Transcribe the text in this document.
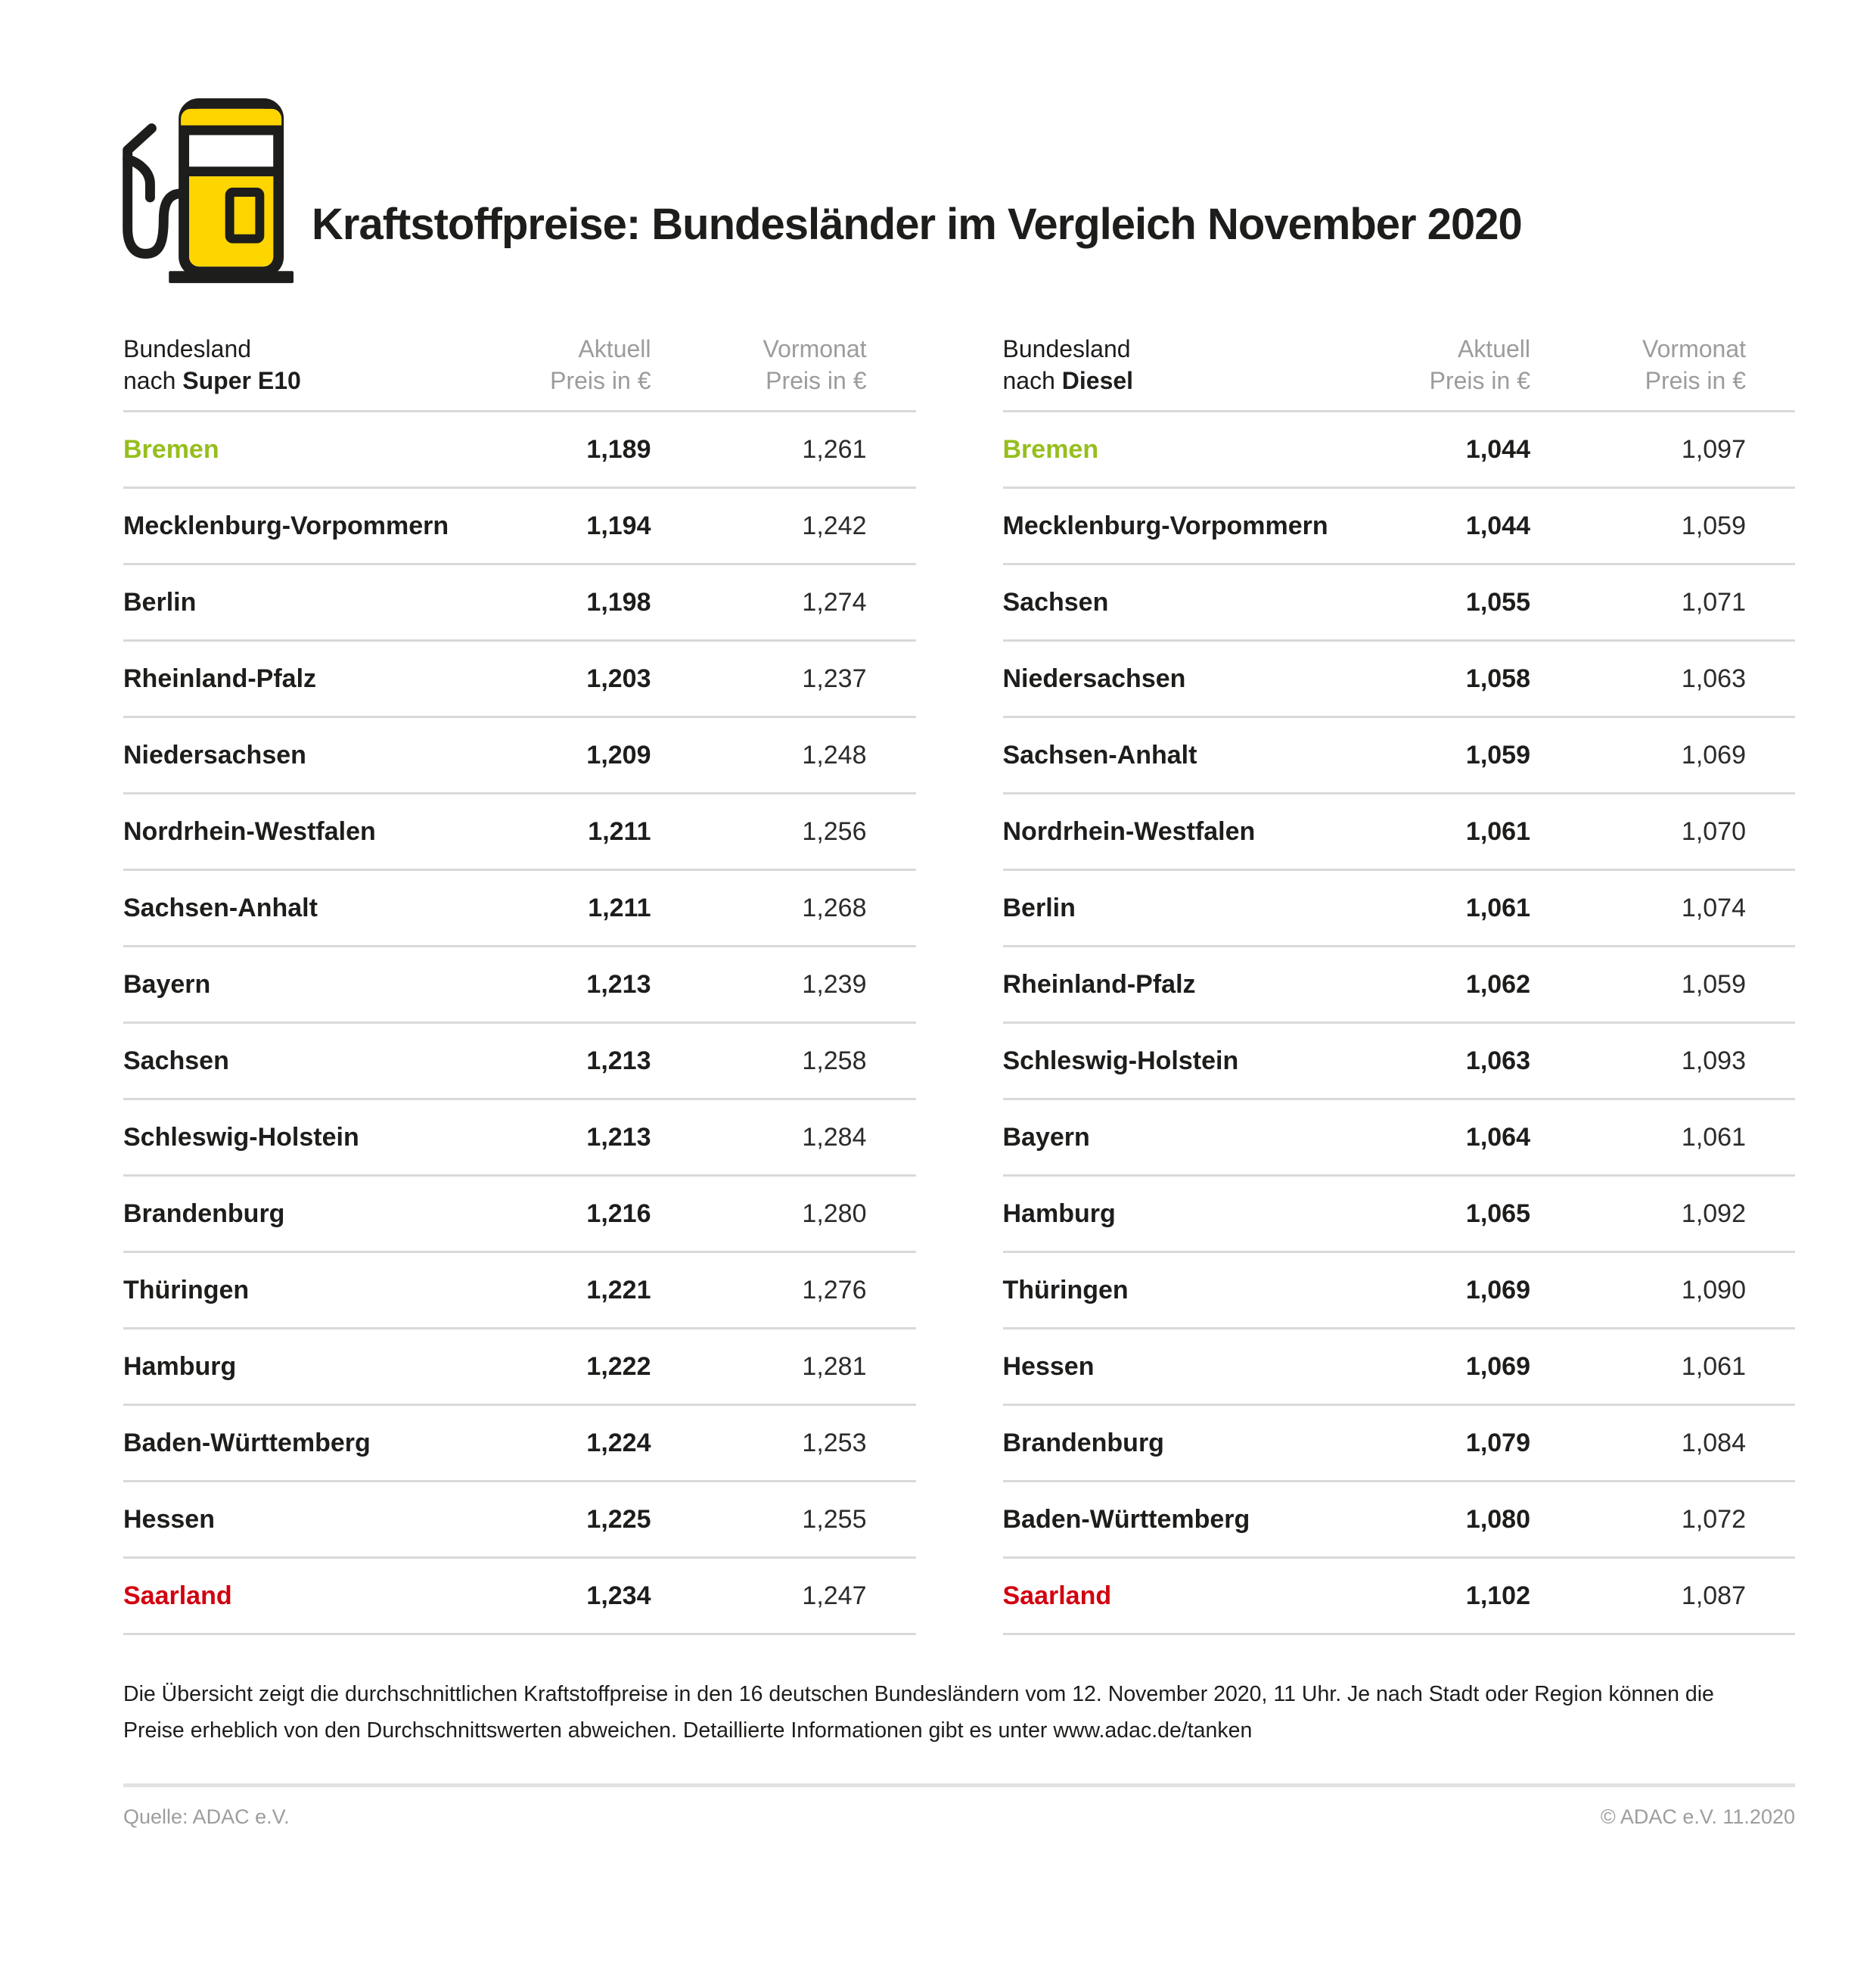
Kraftstoffpreise: Bundesländer im Vergleich November 2020
Bundesland
nach Super E10
Aktuell
Preis in €
Vormonat
Preis in €
Bremen	1,189	1,261
Mecklenburg-Vorpommern	1,194	1,242
Berlin	1,198	1,274
Rheinland-Pfalz	1,203	1,237
Niedersachsen	1,209	1,248
Nordrhein-Westfalen	1,211	1,256
Sachsen-Anhalt	1,211	1,268
Bayern	1,213	1,239
Sachsen	1,213	1,258
Schleswig-Holstein	1,213	1,284
Brandenburg	1,216	1,280
Thüringen	1,221	1,276
Hamburg	1,222	1,281
Baden-Württemberg	1,224	1,253
Hessen	1,225	1,255
Saarland	1,234	1,247
Bundesland
nach Diesel
Aktuell
Preis in €
Vormonat
Preis in €
Bremen	1,044	1,097
Mecklenburg-Vorpommern	1,044	1,059
Sachsen	1,055	1,071
Niedersachsen	1,058	1,063
Sachsen-Anhalt	1,059	1,069
Nordrhein-Westfalen	1,061	1,070
Berlin	1,061	1,074
Rheinland-Pfalz	1,062	1,059
Schleswig-Holstein	1,063	1,093
Bayern	1,064	1,061
Hamburg	1,065	1,092
Thüringen	1,069	1,090
Hessen	1,069	1,061
Brandenburg	1,079	1,084
Baden-Württemberg	1,080	1,072
Saarland	1,102	1,087

Die Übersicht zeigt die durchschnittlichen Kraftstoffpreise in den 16 deutschen Bundesländern vom 12. November 2020, 11 Uhr. Je nach Stadt oder Region können die
Preise erheblich von den Durchschnittswerten abweichen. Detaillierte Informationen gibt es unter www.adac.de/tanken

Quelle: ADAC e.V.	© ADAC e.V. 11.2020
